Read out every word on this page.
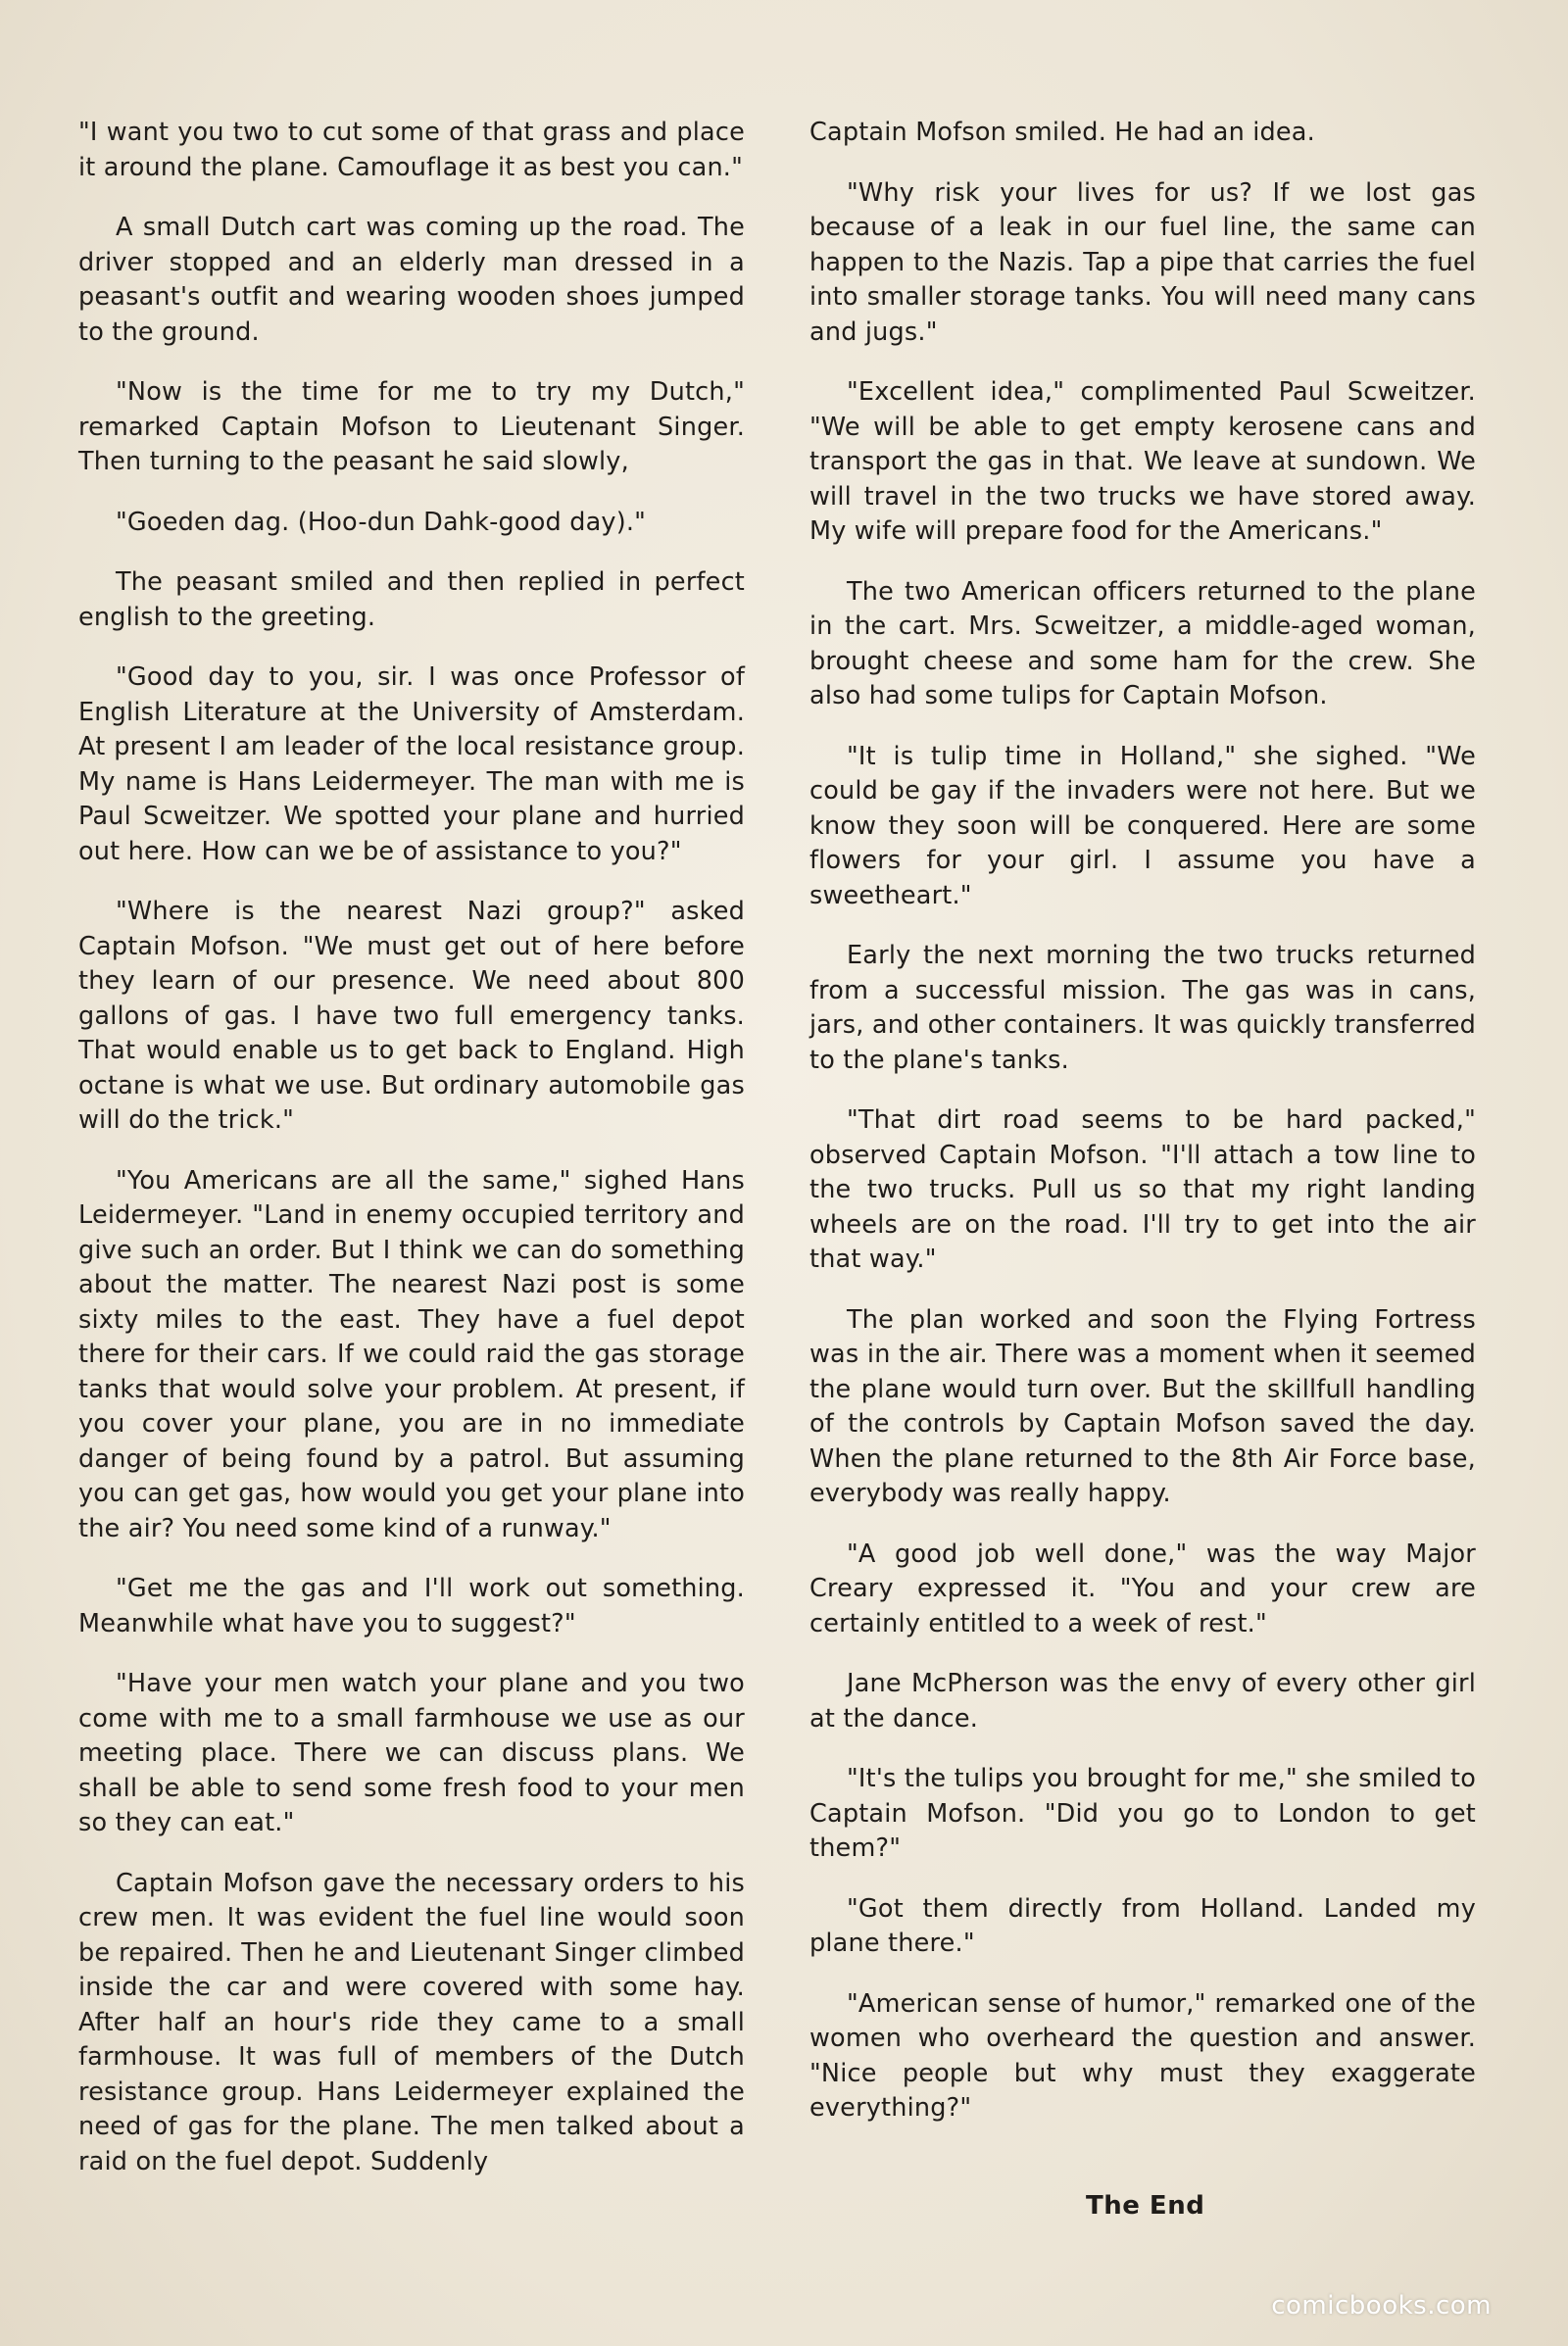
"I want you two to cut some of that grass and place it around the plane. Camouflage it as best you can."

A small Dutch cart was coming up the road. The driver stopped and an elderly man dressed in a peasant's outfit and wearing wooden shoes jumped to the ground.

"Now is the time for me to try my Dutch," remarked Captain Mofson to Lieutenant Singer. Then turning to the peasant he said slowly,

"Goeden dag. (Hoo-dun Dahk-good day)."

The peasant smiled and then replied in perfect english to the greeting.

"Good day to you, sir. I was once Professor of English Literature at the University of Amsterdam. At present I am leader of the local resistance group. My name is Hans Leidermeyer. The man with me is Paul Scweitzer. We spotted your plane and hurried out here. How can we be of assistance to you?"

"Where is the nearest Nazi group?" asked Captain Mofson. "We must get out of here before they learn of our presence. We need about 800 gallons of gas. I have two full emergency tanks. That would enable us to get back to England. High octane is what we use. But ordinary automobile gas will do the trick."

"You Americans are all the same," sighed Hans Leidermeyer. "Land in enemy occupied territory and give such an order. But I think we can do something about the matter. The nearest Nazi post is some sixty miles to the east. They have a fuel depot there for their cars. If we could raid the gas storage tanks that would solve your problem. At present, if you cover your plane, you are in no immediate danger of being found by a patrol. But assuming you can get gas, how would you get your plane into the air? You need some kind of a runway."

"Get me the gas and I'll work out something. Meanwhile what have you to suggest?"

"Have your men watch your plane and you two come with me to a small farmhouse we use as our meeting place. There we can discuss plans. We shall be able to send some fresh food to your men so they can eat."

Captain Mofson gave the necessary orders to his crew men. It was evident the fuel line would soon be repaired. Then he and Lieutenant Singer climbed inside the car and were covered with some hay. After half an hour's ride they came to a small farmhouse. It was full of members of the Dutch resistance group. Hans Leidermeyer explained the need of gas for the plane. The men talked about a raid on the fuel depot. Suddenly

Captain Mofson smiled. He had an idea.

"Why risk your lives for us? If we lost gas because of a leak in our fuel line, the same can happen to the Nazis. Tap a pipe that carries the fuel into smaller storage tanks. You will need many cans and jugs."

"Excellent idea," complimented Paul Scweitzer. "We will be able to get empty kerosene cans and transport the gas in that. We leave at sundown. We will travel in the two trucks we have stored away. My wife will prepare food for the Americans."

The two American officers returned to the plane in the cart. Mrs. Scweitzer, a middle-aged woman, brought cheese and some ham for the crew. She also had some tulips for Captain Mofson.

"It is tulip time in Holland," she sighed. "We could be gay if the invaders were not here. But we know they soon will be conquered. Here are some flowers for your girl. I assume you have a sweetheart."

Early the next morning the two trucks returned from a successful mission. The gas was in cans, jars, and other containers. It was quickly transferred to the plane's tanks.

"That dirt road seems to be hard packed," observed Captain Mofson. "I'll attach a tow line to the two trucks. Pull us so that my right landing wheels are on the road. I'll try to get into the air that way."

The plan worked and soon the Flying Fortress was in the air. There was a moment when it seemed the plane would turn over. But the skillfull handling of the controls by Captain Mofson saved the day. When the plane returned to the 8th Air Force base, everybody was really happy.

"A good job well done," was the way Major Creary expressed it. "You and your crew are certainly entitled to a week of rest."

Jane McPherson was the envy of every other girl at the dance.

"It's the tulips you brought for me," she smiled to Captain Mofson. "Did you go to London to get them?"

"Got them directly from Holland. Landed my plane there."

"American sense of humor," remarked one of the women who overheard the question and answer. "Nice people but why must they exaggerate everything?"

The End
comicbooks.com
